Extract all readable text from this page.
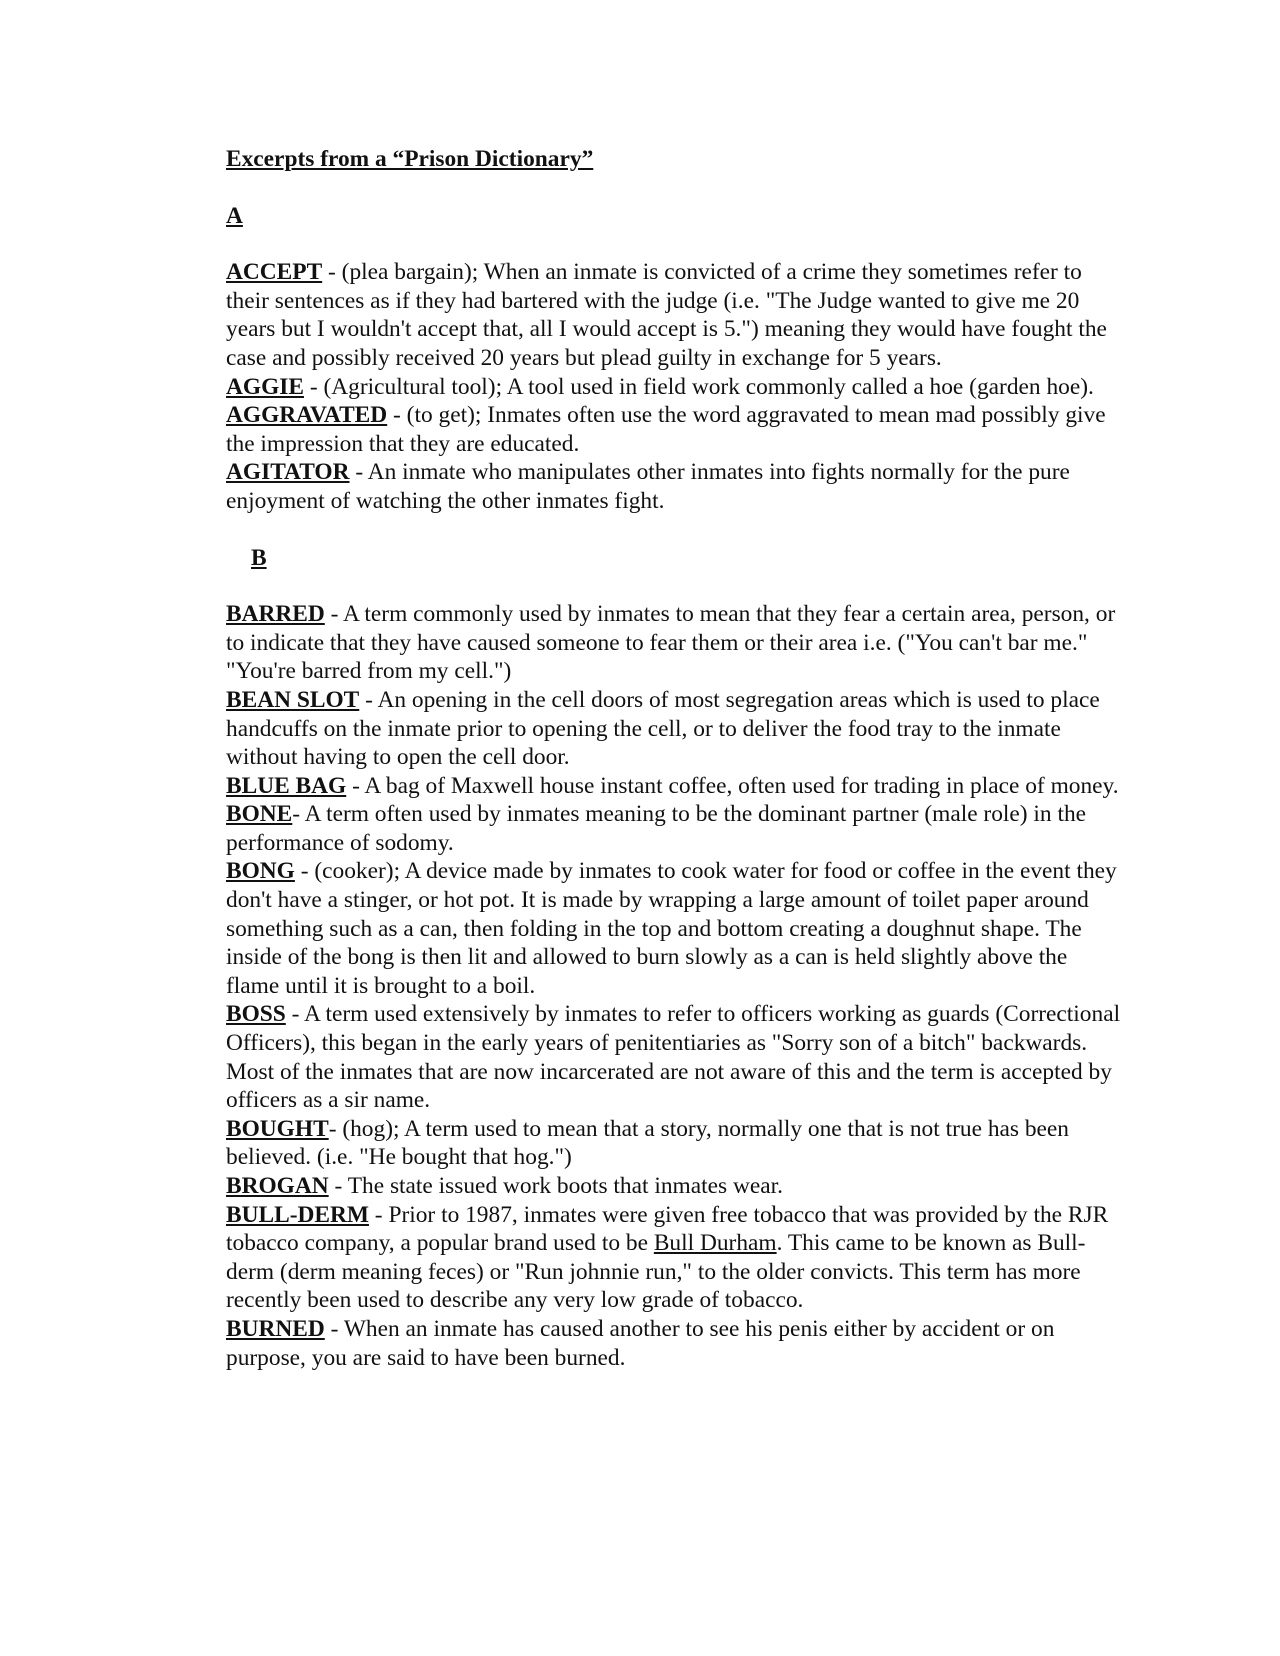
Excerpts from a “Prison Dictionary”

A

ACCEPT - (plea bargain); When an inmate is convicted of a crime they sometimes refer to their sentences as if they had bartered with the judge (i.e. "The Judge wanted to give me 20 years but I wouldn't accept that, all I would accept is 5.") meaning they would have fought the case and possibly received 20 years but plead guilty in exchange for 5 years.

AGGIE - (Agricultural tool); A tool used in field work commonly called a hoe (garden hoe).

AGGRAVATED - (to get); Inmates often use the word aggravated to mean mad possibly give the impression that they are educated.

AGITATOR - An inmate who manipulates other inmates into fights normally for the pure enjoyment of watching the other inmates fight.

B

BARRED - A term commonly used by inmates to mean that they fear a certain area, person, or to indicate that they have caused someone to fear them or their area i.e. ("You can't bar me." "You're barred from my cell.")

BEAN SLOT - An opening in the cell doors of most segregation areas which is used to place handcuffs on the inmate prior to opening the cell, or to deliver the food tray to the inmate without having to open the cell door.

BLUE BAG - A bag of Maxwell house instant coffee, often used for trading in place of money.

BONE- A term often used by inmates meaning to be the dominant partner (male role) in the performance of sodomy.

BONG - (cooker); A device made by inmates to cook water for food or coffee in the event they don't have a stinger, or hot pot. It is made by wrapping a large amount of toilet paper around something such as a can, then folding in the top and bottom creating a doughnut shape. The inside of the bong is then lit and allowed to burn slowly as a can is held slightly above the flame until it is brought to a boil.

BOSS - A term used extensively by inmates to refer to officers working as guards (Correctional Officers), this began in the early years of penitentiaries as "Sorry son of a bitch" backwards. Most of the inmates that are now incarcerated are not aware of this and the term is accepted by officers as a sir name.

BOUGHT- (hog); A term used to mean that a story, normally one that is not true has been believed. (i.e. "He bought that hog.")

BROGAN - The state issued work boots that inmates wear.

BULL-DERM - Prior to 1987, inmates were given free tobacco that was provided by the RJR tobacco company, a popular brand used to be Bull Durham. This came to be known as Bull-derm (derm meaning feces) or "Run johnnie run," to the older convicts. This term has more recently been used to describe any very low grade of tobacco.

BURNED - When an inmate has caused another to see his penis either by accident or on purpose, you are said to have been burned.
